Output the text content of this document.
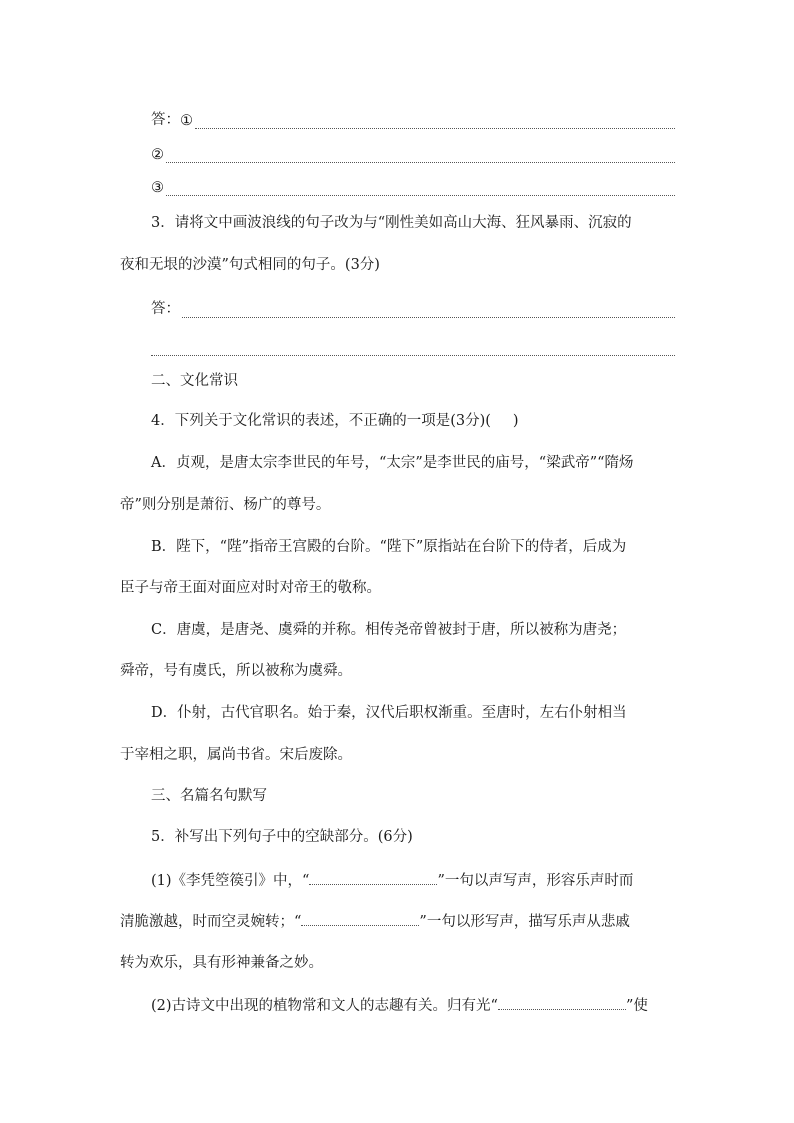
答： ①
②
③
3．请将文中画波浪线的句子改为与“刚性美如高山大海、狂风暴雨、沉寂的
夜和无垠的沙漠”句式相同的句子。(3分)
答：
二、文化常识
4．下列关于文化常识的表述，不正确的一项是(3分)( )
A．贞观，是唐太宗李世民的年号，“太宗”是李世民的庙号，“梁武帝”“隋炀
帝”则分别是萧衍、杨广的尊号。
B．陛下，“陛”指帝王宫殿的台阶。“陛下”原指站在台阶下的侍者，后成为
臣子与帝王面对面应对时对帝王的敬称。
C．唐虞，是唐尧、虞舜的并称。相传尧帝曾被封于唐，所以被称为唐尧；
舜帝，号有虞氏，所以被称为虞舜。
D．仆射，古代官职名。始于秦，汉代后职权渐重。至唐时，左右仆射相当
于宰相之职，属尚书省。宋后废除。
三、名篇名句默写
5．补写出下列句子中的空缺部分。(6分)
(1)《李凭箜篌引》中，“	”一句以声写声，形容乐声时而
清脆激越，时而空灵婉转；“	”一句以形写声，描写乐声从悲戚
转为欢乐，具有形神兼备之妙。
(2)古诗文中出现的植物常和文人的志趣有关。归有光“	”使
